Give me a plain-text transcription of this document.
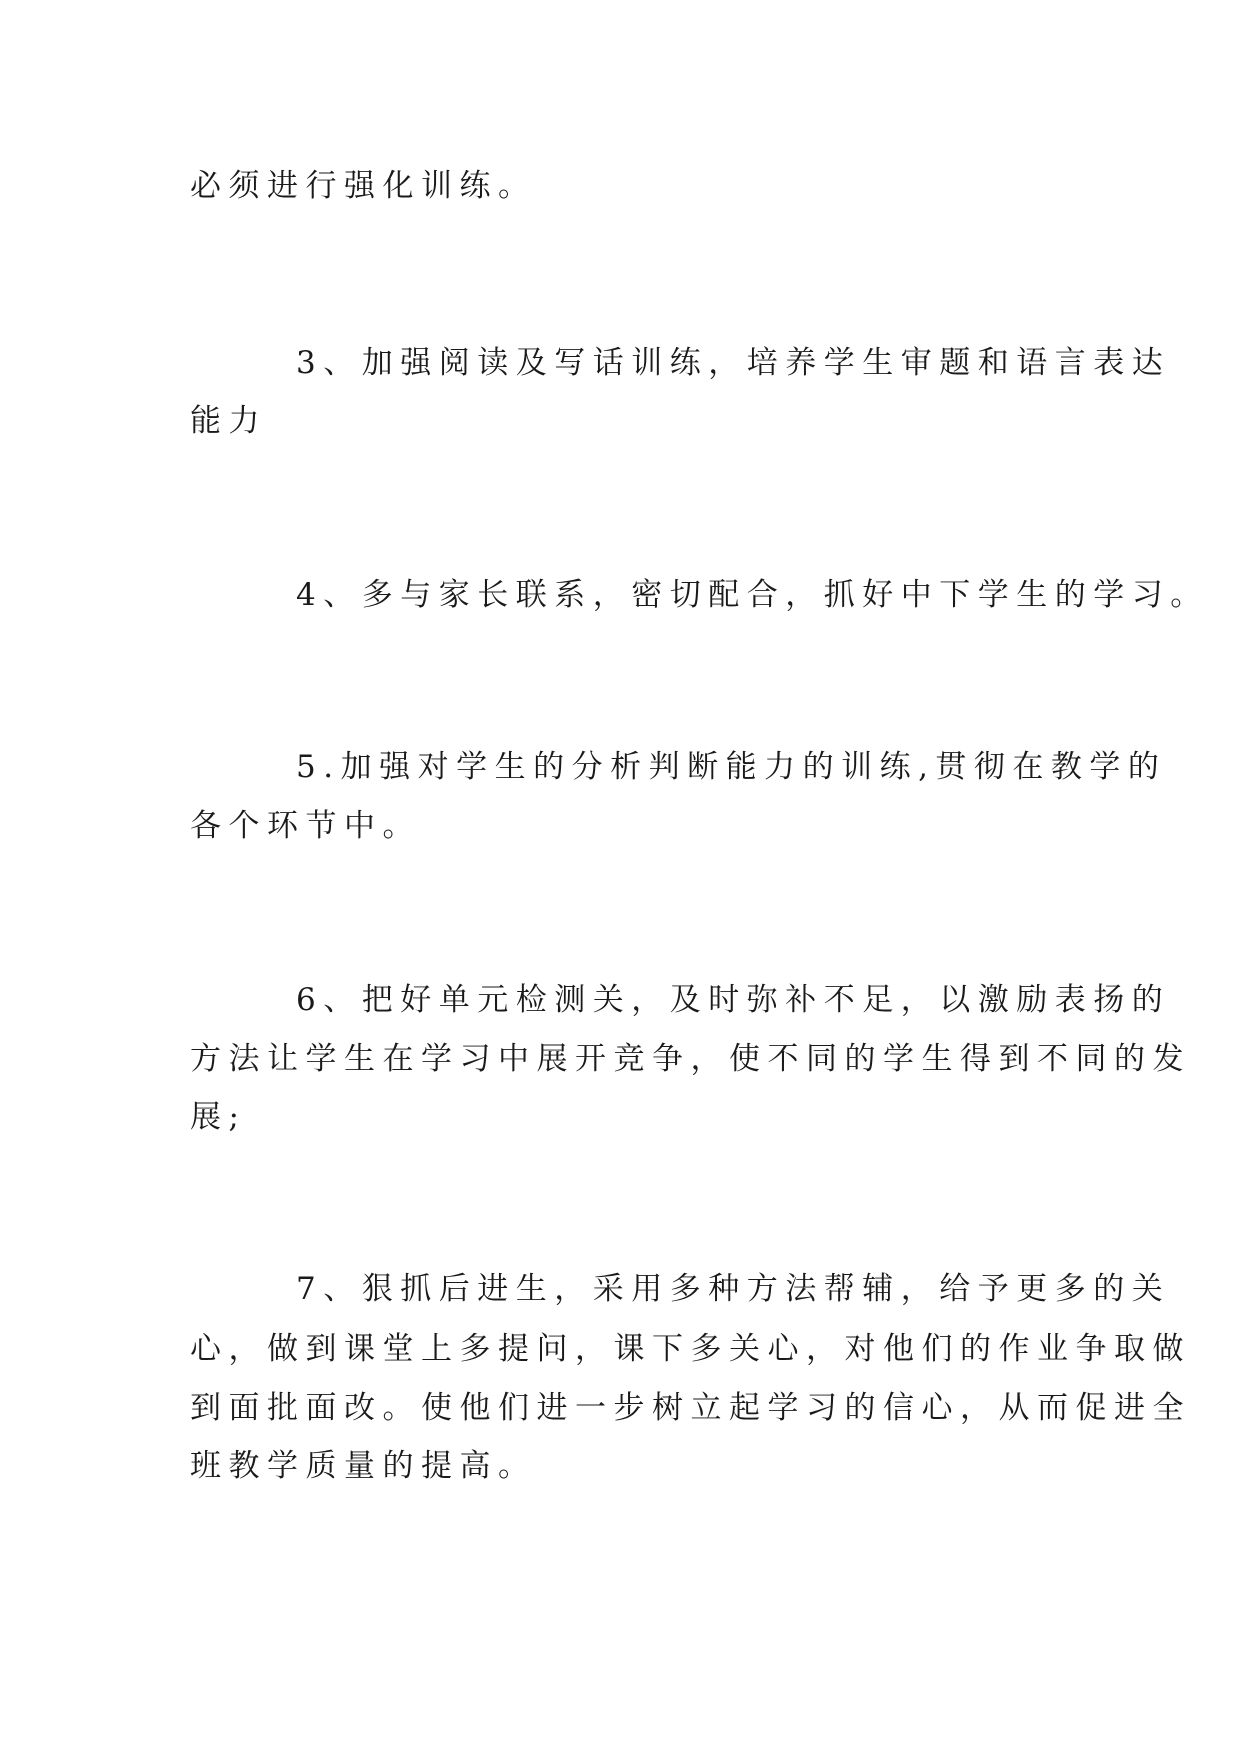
必须进行强化训练。
3、加强阅读及写话训练，培养学生审题和语言表达
能力
4、多与家长联系，密切配合，抓好中下学生的学习。
5.加强对学生的分析判断能力的训练,贯彻在教学的
各个环节中。
6、把好单元检测关，及时弥补不足，以激励表扬的
方法让学生在学习中展开竞争，使不同的学生得到不同的发
展;
7、狠抓后进生，采用多种方法帮辅，给予更多的关
心，做到课堂上多提问，课下多关心，对他们的作业争取做
到面批面改。使他们进一步树立起学习的信心，从而促进全
班教学质量的提高。
